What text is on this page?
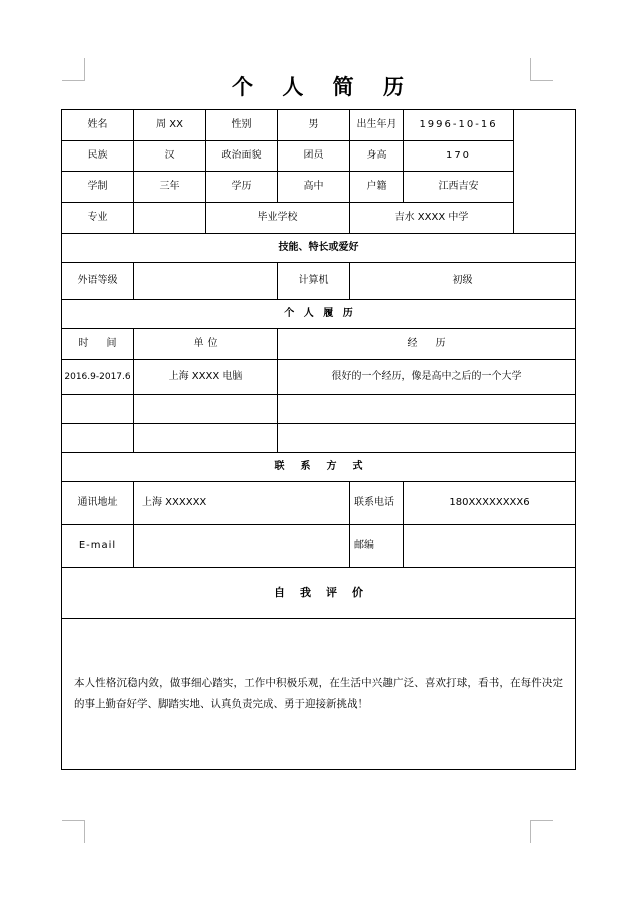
个 人 简 历
姓名	周 XX	性别	男	出生年月	1996-10-16	
民族	汉	政治面貌	团员	身高	170	
学制	三年	学历	高中	户籍	江西吉安	
专业		毕业学校		吉水 XXXX 中学		
技能、特长或爱好						
外语等级			计算机	初级		
个 人 履 历						
时　间	单位		经　历			
2016.9-2017.6	上海 XXXX 电脑		很好的一个经历，像是高中之后的一个大学			

联　系　方　式						
通讯地址	上海 XXXXXX			联系电话	180XXXXXXXX6	
E-mail				邮编		
自　我　评　价						

本人性格沉稳内敛，做事细心踏实，工作中积极乐观，在生活中兴趣广泛、喜欢打球，看书，在每件决定的事上勤奋好学、脚踏实地、认真负责完成、勇于迎接新挑战！						
